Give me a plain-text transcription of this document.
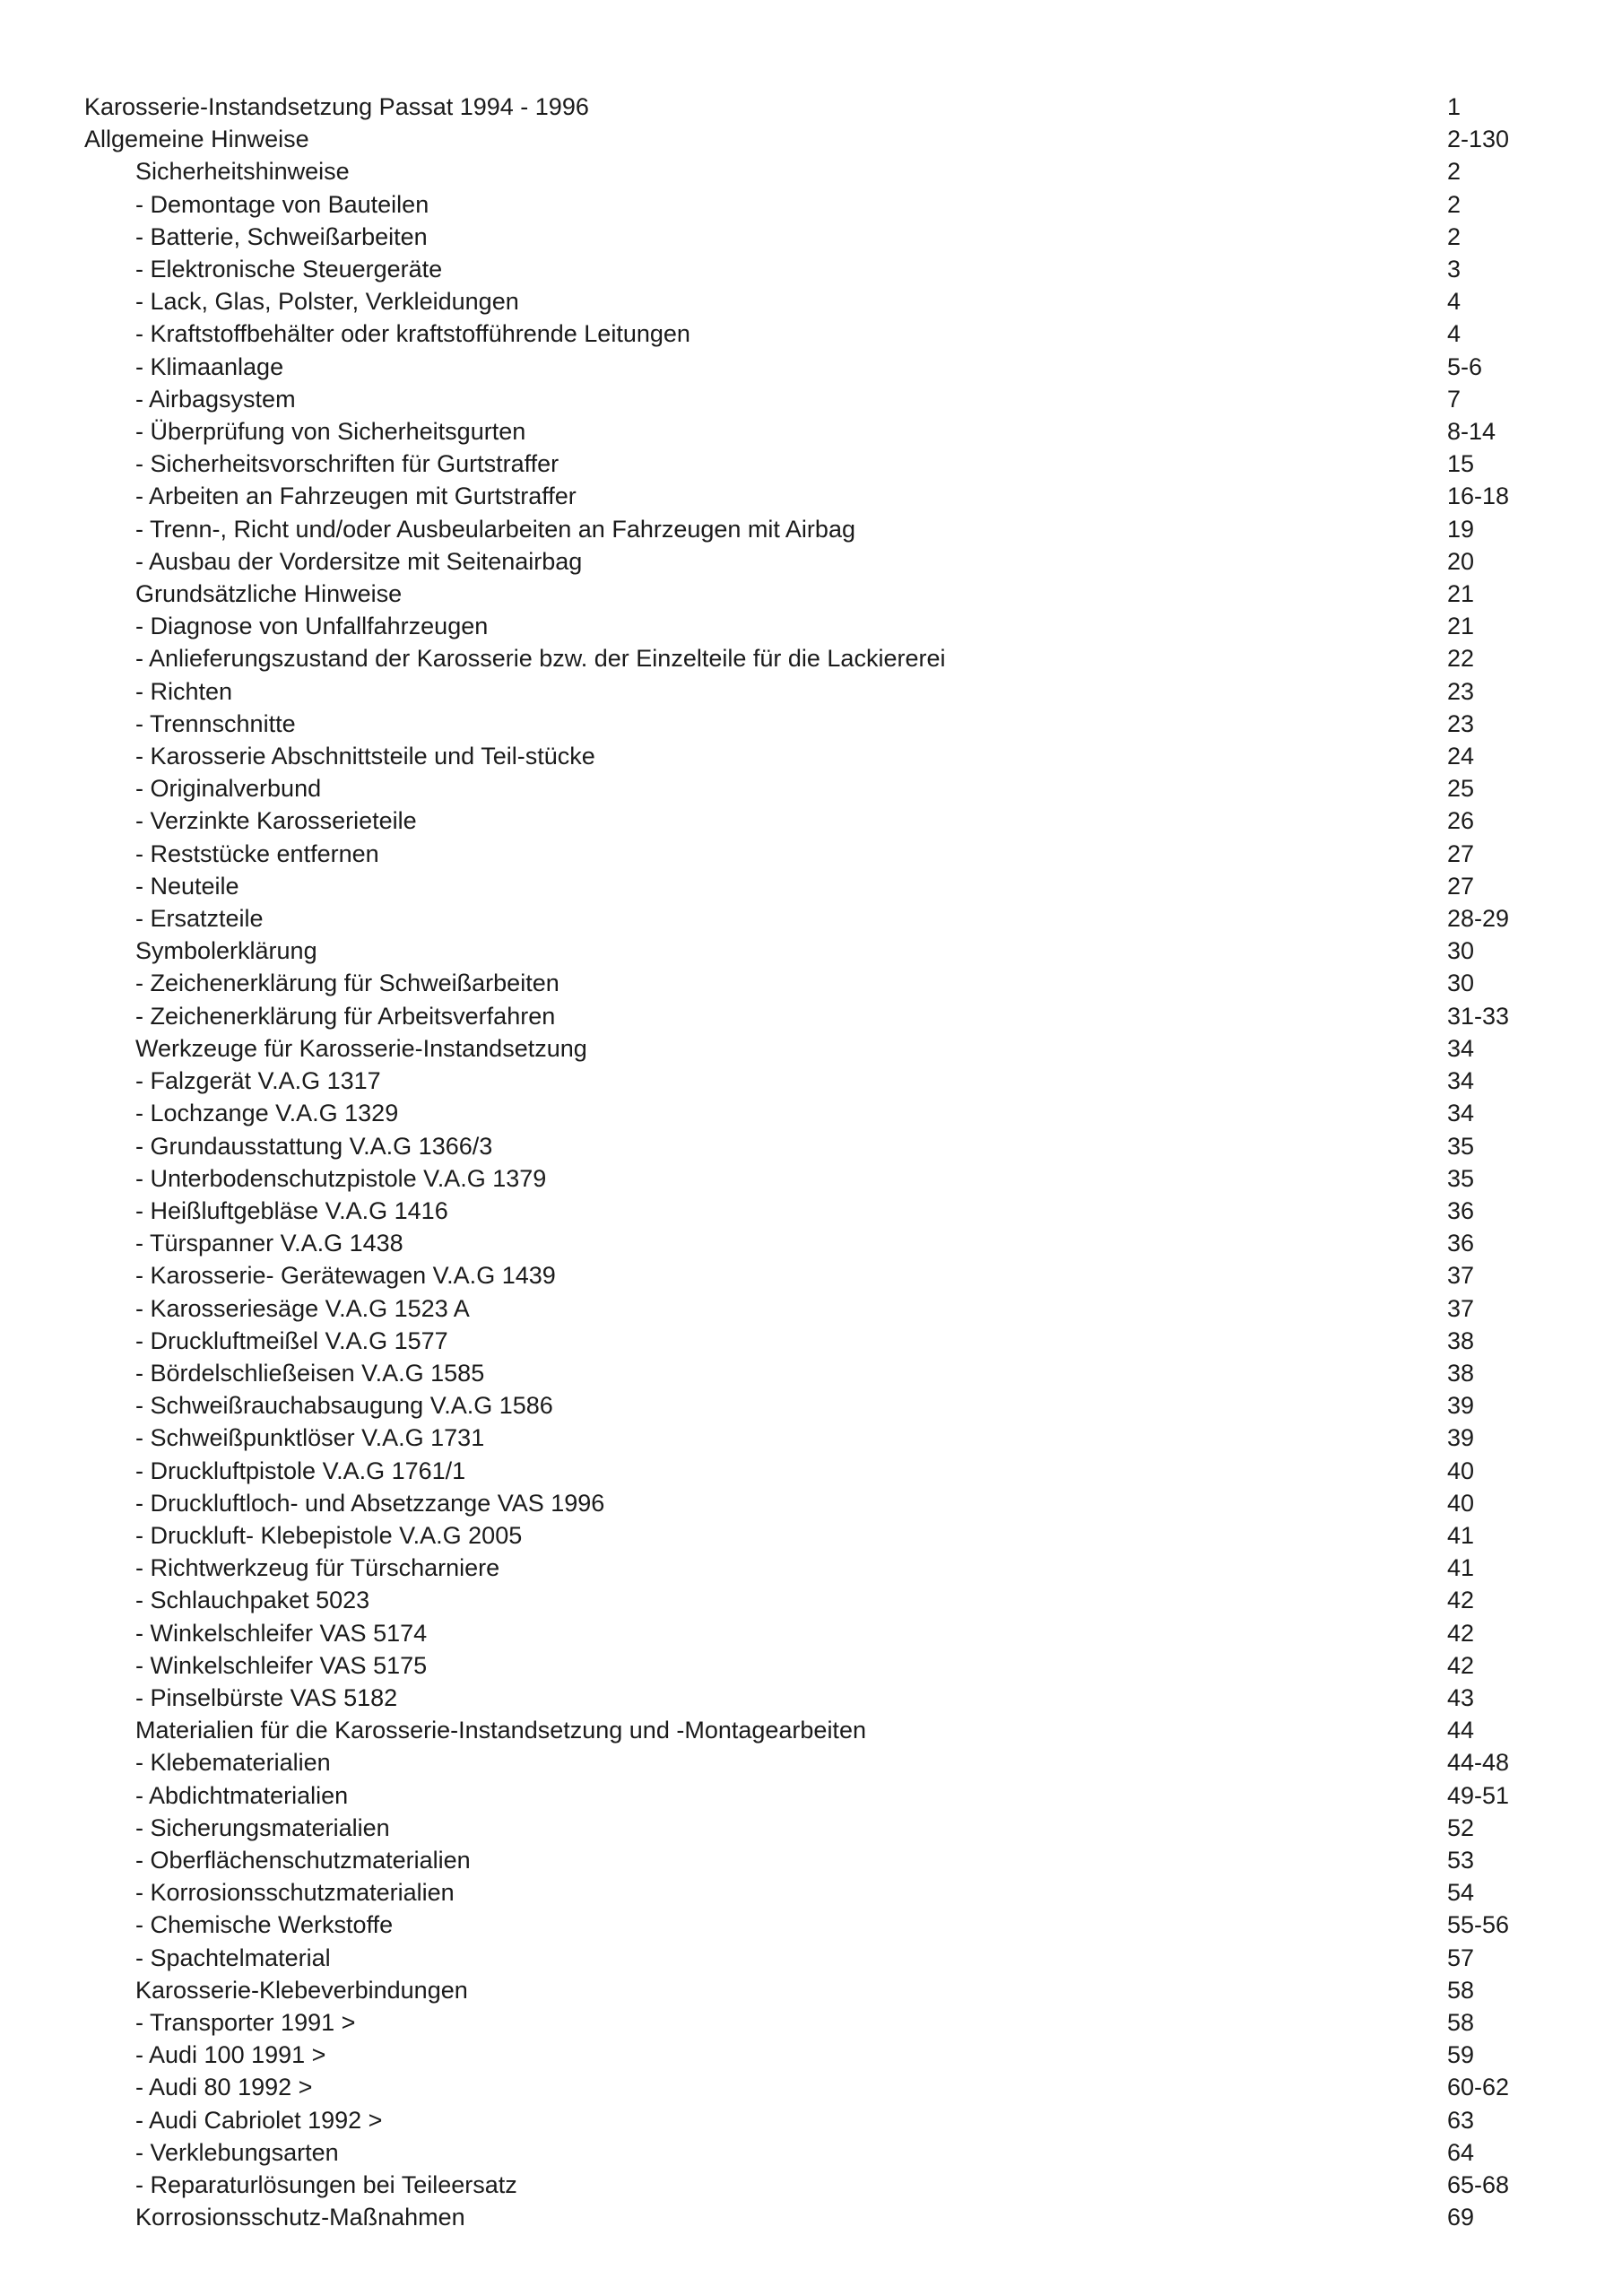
Karosserie-Instandsetzung Passat 1994 - 1996	1
Allgemeine Hinweise	2-130
Sicherheitshinweise	2
- Demontage von Bauteilen	2
- Batterie, Schweißarbeiten	2
- Elektronische Steuergeräte	3
- Lack, Glas, Polster, Verkleidungen	4
- Kraftstoffbehälter oder kraftstofführende Leitungen	4
- Klimaanlage	5-6
- Airbagsystem	7
- Überprüfung von Sicherheitsgurten	8-14
- Sicherheitsvorschriften für Gurtstraffer	15
- Arbeiten an Fahrzeugen mit Gurtstraffer	16-18
- Trenn-, Richt und/oder Ausbeularbeiten an Fahrzeugen mit Airbag	19
- Ausbau der Vordersitze mit Seitenairbag	20
Grundsätzliche Hinweise	21
- Diagnose von Unfallfahrzeugen	21
- Anlieferungszustand der Karosserie bzw. der Einzelteile für die Lackiererei	22
- Richten	23
- Trennschnitte	23
- Karosserie Abschnittsteile und Teil-stücke	24
- Originalverbund	25
- Verzinkte Karosserieteile	26
- Reststücke entfernen	27
- Neuteile	27
- Ersatzteile	28-29
Symbolerklärung	30
- Zeichenerklärung für Schweißarbeiten	30
- Zeichenerklärung für Arbeitsverfahren	31-33
Werkzeuge für Karosserie-Instandsetzung	34
- Falzgerät V.A.G 1317	34
- Lochzange V.A.G 1329	34
- Grundausstattung V.A.G 1366/3	35
- Unterbodenschutzpistole V.A.G 1379	35
- Heißluftgebläse V.A.G 1416	36
- Türspanner V.A.G 1438	36
- Karosserie- Gerätewagen V.A.G 1439	37
- Karosseriesäge V.A.G 1523 A	37
- Druckluftmeißel V.A.G 1577	38
- Bördelschließeisen V.A.G 1585	38
- Schweißrauchabsaugung V.A.G 1586	39
- Schweißpunktlöser V.A.G 1731	39
- Druckluftpistole V.A.G 1761/1	40
- Druckluftloch- und Absetzzange VAS 1996	40
- Druckluft- Klebepistole V.A.G 2005	41
- Richtwerkzeug für Türscharniere	41
- Schlauchpaket 5023	42
- Winkelschleifer VAS 5174	42
- Winkelschleifer VAS 5175	42
- Pinselbürste VAS 5182	43
Materialien für die Karosserie-Instandsetzung und -Montagearbeiten	44
- Klebematerialien	44-48
- Abdichtmaterialien	49-51
- Sicherungsmaterialien	52
- Oberflächenschutzmaterialien	53
- Korrosionsschutzmaterialien	54
- Chemische Werkstoffe	55-56
- Spachtelmaterial	57
Karosserie-Klebeverbindungen	58
- Transporter 1991 >	58
- Audi 100 1991 >	59
- Audi 80 1992 >	60-62
- Audi Cabriolet 1992 >	63
- Verklebungsarten	64
- Reparaturlösungen bei Teileersatz	65-68
Korrosionsschutz-Maßnahmen	69
